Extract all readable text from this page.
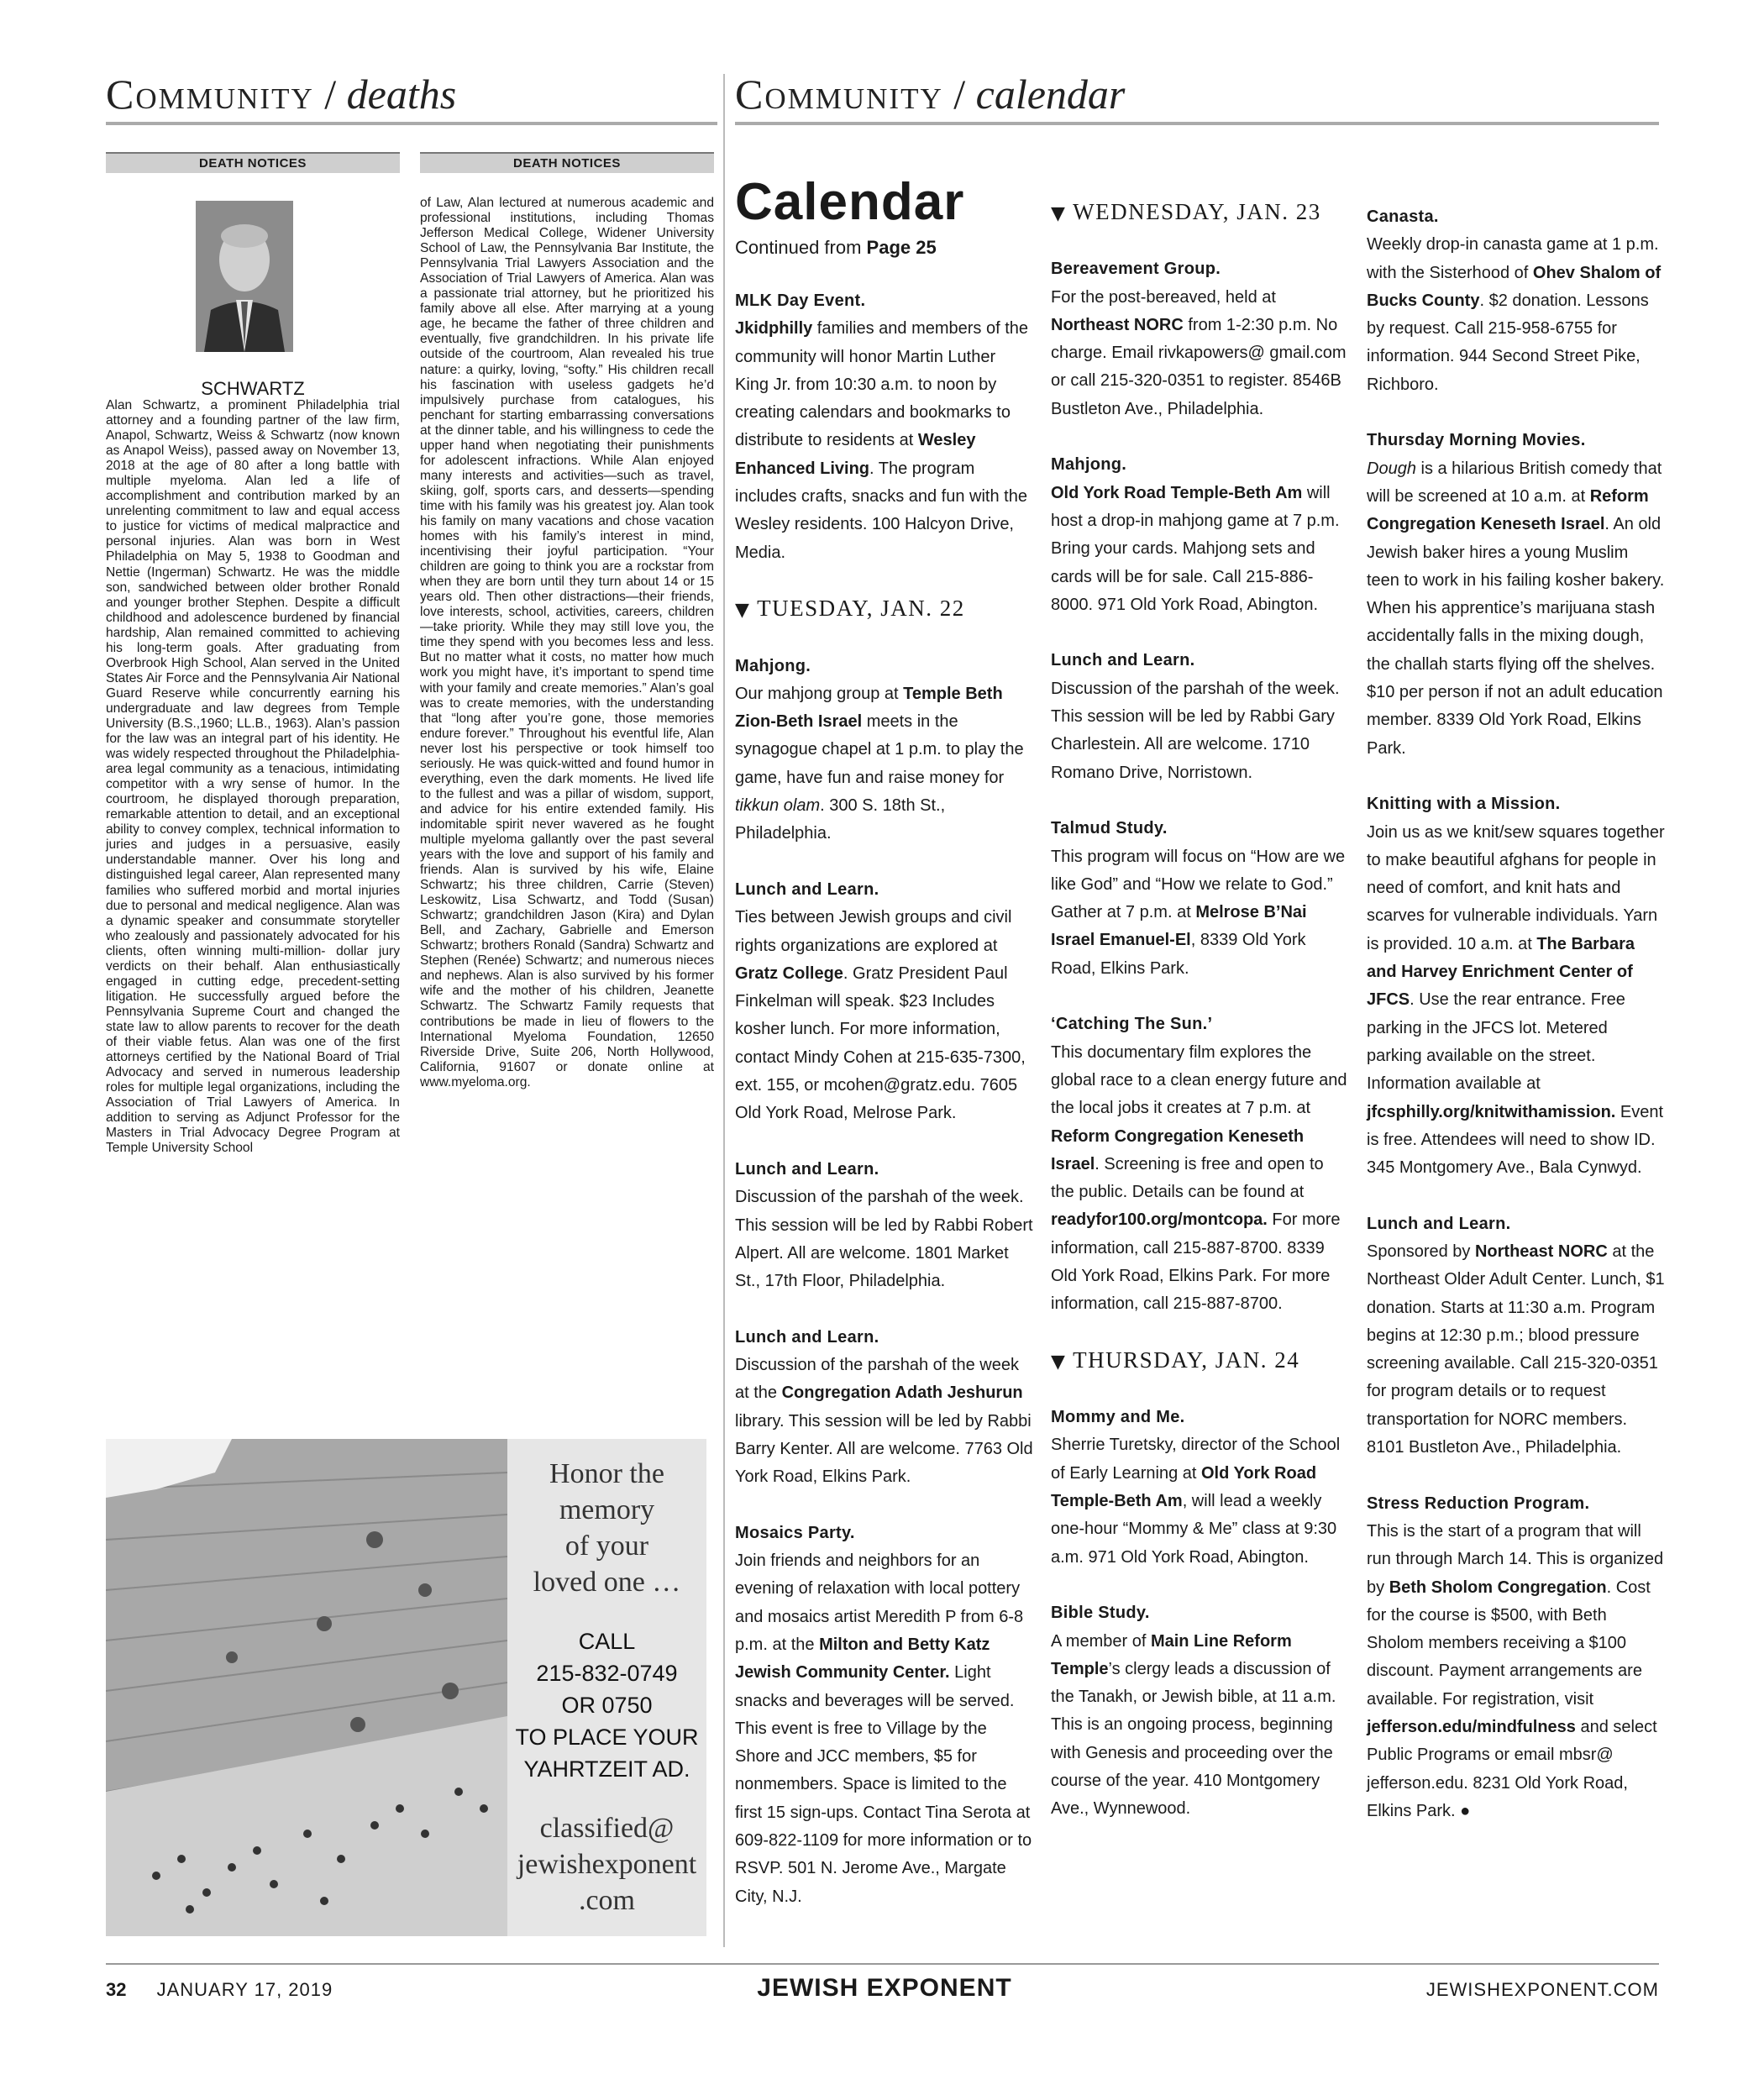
Community / deaths	Community / calendar
DEATH NOTICES	DEATH NOTICES
SCHWARTZ

Alan Schwartz, a prominent Philadelphia trial attorney and a founding partner of the law firm, Anapol, Schwartz, Weiss & Schwartz (now known as Anapol Weiss), passed away on November 13, 2018 at the age of 80 after a long battle with multiple myeloma. Alan led a life of accomplishment and contribution marked by an unrelenting commitment to law and equal access to justice for victims of medical malpractice and personal injuries. Alan was born in West Philadelphia on May 5, 1938 to Goodman and Nettie (Ingerman) Schwartz. He was the middle son, sandwiched between older brother Ronald and younger brother Stephen. Despite a difficult childhood and adolescence burdened by financial hardship, Alan remained committed to achieving his long-term goals. After graduating from Overbrook High School, Alan served in the United States Air Force and the Pennsylvania Air National Guard Reserve while concurrently earning his undergraduate and law degrees from Temple University (B.S.,1960; LL.B., 1963). Alan’s passion for the law was an integral part of his identity. He was widely respected throughout the Philadelphia-area legal community as a tenacious, intimidating competitor with a wry sense of humor. In the courtroom, he displayed thorough preparation, remarkable attention to detail, and an exceptional ability to convey complex, technical information to juries and judges in a persuasive, easily understandable manner. Over his long and distinguished legal career, Alan represented many families who suffered morbid and mortal injuries due to personal and medical negligence. Alan was a dynamic speaker and consummate storyteller who zealously and passionately advocated for his clients, often winning multi-million- dollar jury verdicts on their behalf. Alan enthusiastically engaged in cutting edge, precedent-setting litigation. He successfully argued before the Pennsylvania Supreme Court and changed the state law to allow parents to recover for the death of their viable fetus. Alan was one of the first attorneys certified by the National Board of Trial Advocacy and served in numerous leadership roles for multiple legal organizations, including the Association of Trial Lawyers of America. In addition to serving as Adjunct Professor for the Masters in Trial Advocacy Degree Program at Temple University School

of Law, Alan lectured at numerous academic and professional institutions, including Thomas Jefferson Medical College, Widener University School of Law, the Pennsylvania Bar Institute, the Pennsylvania Trial Lawyers Association and the Association of Trial Lawyers of America. Alan was a passionate trial attorney, but he prioritized his family above all else. After marrying at a young age, he became the father of three children and eventually, five grandchildren. In his private life outside of the courtroom, Alan revealed his true nature: a quirky, loving, “softy.” His children recall his fascination with useless gadgets he’d impulsively purchase from catalogues, his penchant for starting embarrassing conversations at the dinner table, and his willingness to cede the upper hand when negotiating their punishments for adolescent infractions. While Alan enjoyed many interests and activities—such as travel, skiing, golf, sports cars, and desserts—spending time with his family was his greatest joy. Alan took his family on many vacations and chose vacation homes with his family’s interest in mind, incentivising their joyful participation. “Your children are going to think you are a rockstar from when they are born until they turn about 14 or 15 years old. Then other distractions—their friends, love interests, school, activities, careers, children—take priority. While they may still love you, the time they spend with you becomes less and less. But no matter what it costs, no matter how much work you might have, it’s important to spend time with your family and create memories.” Alan’s goal was to create memories, with the understanding that “long after you’re gone, those memories endure forever.” Throughout his eventful life, Alan never lost his perspective or took himself too seriously. He was quick-witted and found humor in everything, even the dark moments. He lived life to the fullest and was a pillar of wisdom, support, and advice for his entire extended family. His indomitable spirit never wavered as he fought multiple myeloma gallantly over the past several years with the love and support of his family and friends. Alan is survived by his wife, Elaine Schwartz; his three children, Carrie (Steven) Leskowitz, Lisa Schwartz, and Todd (Susan) Schwartz; grandchildren Jason (Kira) and Dylan Bell, and Zachary, Gabrielle and Emerson Schwartz; brothers Ronald (Sandra) Schwartz and Stephen (Renée) Schwartz; and numerous nieces and nephews. Alan is also survived by his former wife and the mother of his children, Jeanette Schwartz. The Schwartz Family requests that contributions be made in lieu of flowers to the International Myeloma Foundation, 12650 Riverside Drive, Suite 206, North Hollywood, California, 91607 or donate online at www.myeloma.org.

Honor the
memory
of your
loved one …
CALL
215-832-0749
OR 0750
TO PLACE YOUR
YAHRTZEIT AD.
classified@
jewishexponent
.com
Calendar
Continued from Page 25

MLK Day Event.
Jkidphilly families and members of the community will honor Martin Luther King Jr. from 10:30 a.m. to noon by creating calendars and bookmarks to distribute to residents at Wesley Enhanced Living. The program includes crafts, snacks and fun with the Wesley residents. 100 Halcyon Drive, Media.

▼ TUESDAY, JAN. 22

Mahjong.
Our mahjong group at Temple Beth Zion-Beth Israel meets in the synagogue chapel at 1 p.m. to play the game, have fun and raise money for tikkun olam. 300 S. 18th St., Philadelphia.

Lunch and Learn.
Ties between Jewish groups and civil rights organizations are explored at Gratz College. Gratz President Paul Finkelman will speak. $23 Includes kosher lunch. For more information, contact Mindy Cohen at 215-635-7300, ext. 155, or mcohen@gratz.edu. 7605 Old York Road, Melrose Park.

Lunch and Learn.
Discussion of the parshah of the week. This session will be led by Rabbi Robert Alpert. All are welcome. 1801 Market St., 17th Floor, Philadelphia.

Lunch and Learn.
Discussion of the parshah of the week at the Congregation Adath Jeshurun library. This session will be led by Rabbi Barry Kenter. All are welcome. 7763 Old York Road, Elkins Park.

Mosaics Party.
Join friends and neighbors for an evening of relaxation with local pottery and mosaics artist Meredith P from 6-8 p.m. at the Milton and Betty Katz Jewish Community Center. Light snacks and beverages will be served. This event is free to Village by the Shore and JCC members, $5 for nonmembers. Space is limited to the first 15 sign-ups. Contact Tina Serota at 609-822-1109 for more information or to RSVP. 501 N. Jerome Ave., Margate City, N.J.

▼ WEDNESDAY, JAN. 23

Bereavement Group.
For the post-bereaved, held at Northeast NORC from 1-2:30 p.m. No charge. Email rivkapowers@ gmail.com or call 215-320-0351 to register. 8546B Bustleton Ave., Philadelphia.

Mahjong.
Old York Road Temple-Beth Am will host a drop-in mahjong game at 7 p.m. Bring your cards. Mahjong sets and cards will be for sale. Call 215-886-8000. 971 Old York Road, Abington.

Lunch and Learn.
Discussion of the parshah of the week. This session will be led by Rabbi Gary Charlestein. All are welcome. 1710 Romano Drive, Norristown.

Talmud Study.
This program will focus on “How are we like God” and “How we relate to God.” Gather at 7 p.m. at Melrose B’Nai Israel Emanuel-El, 8339 Old York Road, Elkins Park.

‘Catching The Sun.’
This documentary film explores the global race to a clean energy future and the local jobs it creates at 7 p.m. at Reform Congregation Keneseth Israel. Screening is free and open to the public. Details can be found at readyfor100.org/montcopa. For more information, call 215-887-8700. 8339 Old York Road, Elkins Park. For more information, call 215-887-8700.

▼ THURSDAY, JAN. 24

Mommy and Me.
Sherrie Turetsky, director of the School of Early Learning at Old York Road Temple-Beth Am, will lead a weekly one-hour “Mommy & Me” class at 9:30 a.m. 971 Old York Road, Abington.

Bible Study.
A member of Main Line Reform Temple’s clergy leads a discussion of the Tanakh, or Jewish bible, at 11 a.m. This is an ongoing process, beginning with Genesis and proceeding over the course of the year. 410 Montgomery Ave., Wynnewood.

Canasta.
Weekly drop-in canasta game at 1 p.m. with the Sisterhood of Ohev Shalom of Bucks County. $2 donation. Lessons by request. Call 215-958-6755 for information. 944 Second Street Pike, Richboro.

Thursday Morning Movies.
Dough is a hilarious British comedy that will be screened at 10 a.m. at Reform Congregation Keneseth Israel. An old Jewish baker hires a young Muslim teen to work in his failing kosher bakery. When his apprentice’s marijuana stash accidentally falls in the mixing dough, the challah starts flying off the shelves. $10 per person if not an adult education member. 8339 Old York Road, Elkins Park.

Knitting with a Mission.
Join us as we knit/sew squares together to make beautiful afghans for people in need of comfort, and knit hats and scarves for vulnerable individuals. Yarn is provided. 10 a.m. at The Barbara and Harvey Enrichment Center of JFCS. Use the rear entrance. Free parking in the JFCS lot. Metered parking available on the street. Information available at jfcsphilly.org/knitwithamission. Event is free. Attendees will need to show ID. 345 Montgomery Ave., Bala Cynwyd.

Lunch and Learn.
Sponsored by Northeast NORC at the Northeast Older Adult Center. Lunch, $1 donation. Starts at 11:30 a.m. Program begins at 12:30 p.m.; blood pressure screening available. Call 215-320-0351 for program details or to request transportation for NORC members. 8101 Bustleton Ave., Philadelphia.

Stress Reduction Program.
This is the start of a program that will run through March 14. This is organized by Beth Sholom Congregation. Cost for the course is $500, with Beth Sholom members receiving a $100 discount. Payment arrangements are available. For registration, visit jefferson.edu/mindfulness and select Public Programs or email mbsr@ jefferson.edu. 8231 Old York Road, Elkins Park. ●

32 JANUARY 17, 2019	JEWISH EXPONENT	JEWISHEXPONENT.COM
